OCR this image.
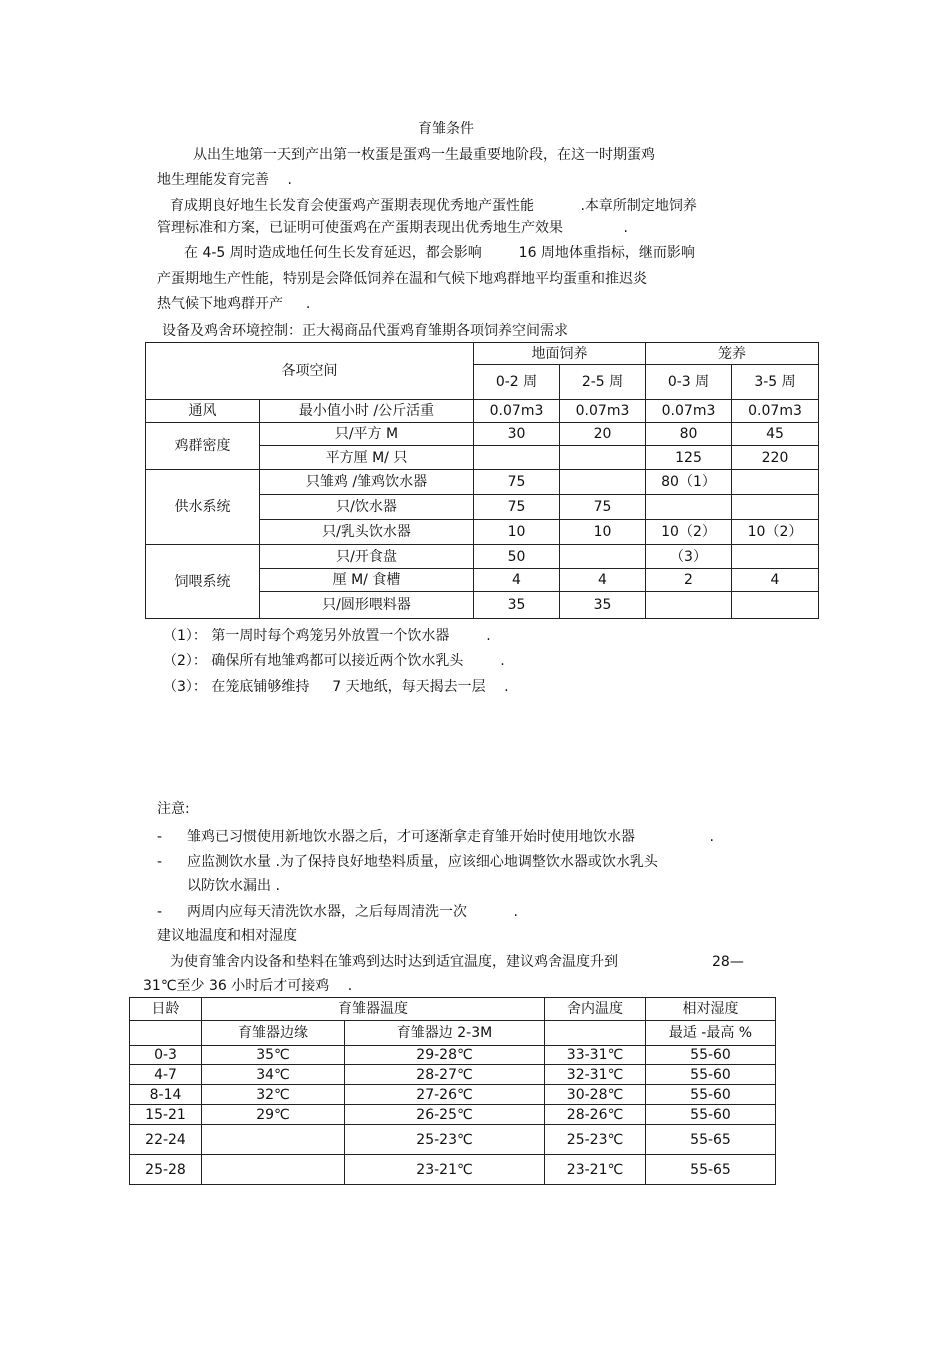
育雏条件
从出生地第一天到产出第一枚蛋是蛋鸡一生最重要地阶段，在这一时期蛋鸡
地生理能发育完善 　.
育成期良好地生长发育会使蛋鸡产蛋期表现优秀地产蛋性能 　　　.本章所制定地饲养
管理标准和方案，已证明可使蛋鸡在产蛋期表现出优秀地生产效果 　　　　.
在 4-5 周时造成地任何生长发育延迟，都会影响 　　 16 周地体重指标，继而影响
产蛋期地生产性能，特别是会降低饲养在温和气候下地鸡群地平均蛋重和推迟炎
热气候下地鸡群开产 　 .
设备及鸡舍环境控制：正大褐商品代蛋鸡育雏期各项饲养空间需求
各项空间		地面饲养		笼养	
		0-2 周	2-5 周	0-3 周	3-5 周
通风	最小值小时 /公斤活重	0.07m3	0.07m3	0.07m3	0.07m3
鸡群密度	只/平方 M	30	20	80	45
	平方厘 M/ 只			125	220
供水系统	只雏鸡 /雏鸡饮水器	75		80（1）	
	只/饮水器	75	75		
	只/乳头饮水器	10	10	10（2）	10（2）
饲喂系统	只/开食盘	50		（3）	
	厘 M/ 食槽	4	4	2	4
	只/圆形喂料器	35	35		
（1）： 第一周时每个鸡笼另外放置一个饮水器 　　 .
（2）： 确保所有地雏鸡都可以接近两个饮水乳头 　　 .
（3）： 在笼底铺够维持 　 7 天地纸，每天揭去一层 　.
注意:
- 雏鸡已习惯使用新地饮水器之后，才可逐渐拿走育雏开始时使用地饮水器 　　　　　.
- 应监测饮水量 .为了保持良好地垫料质量，应该细心地调整饮水器或饮水乳头
以防饮水漏出 .
- 两周内应每天清洗饮水器，之后每周清洗一次 　　　.
建议地温度和相对湿度
为使育雏舍内设备和垫料在雏鸡到达时达到适宜温度，建议鸡舍温度升到	28—
31℃至少 36 小时后才可接鸡 　.
日龄	育雏器温度		舍内温度	相对湿度
	育雏器边缘	育雏器边 2-3M		最适 -最高 %
0-3	35℃	29-28℃	33-31℃	55-60
4-7	34℃	28-27℃	32-31℃	55-60
8-14	32℃	27-26℃	30-28℃	55-60
15-21	29℃	26-25℃	28-26℃	55-60
22-24		25-23℃	25-23℃	55-65
25-28		23-21℃	23-21℃	55-65
